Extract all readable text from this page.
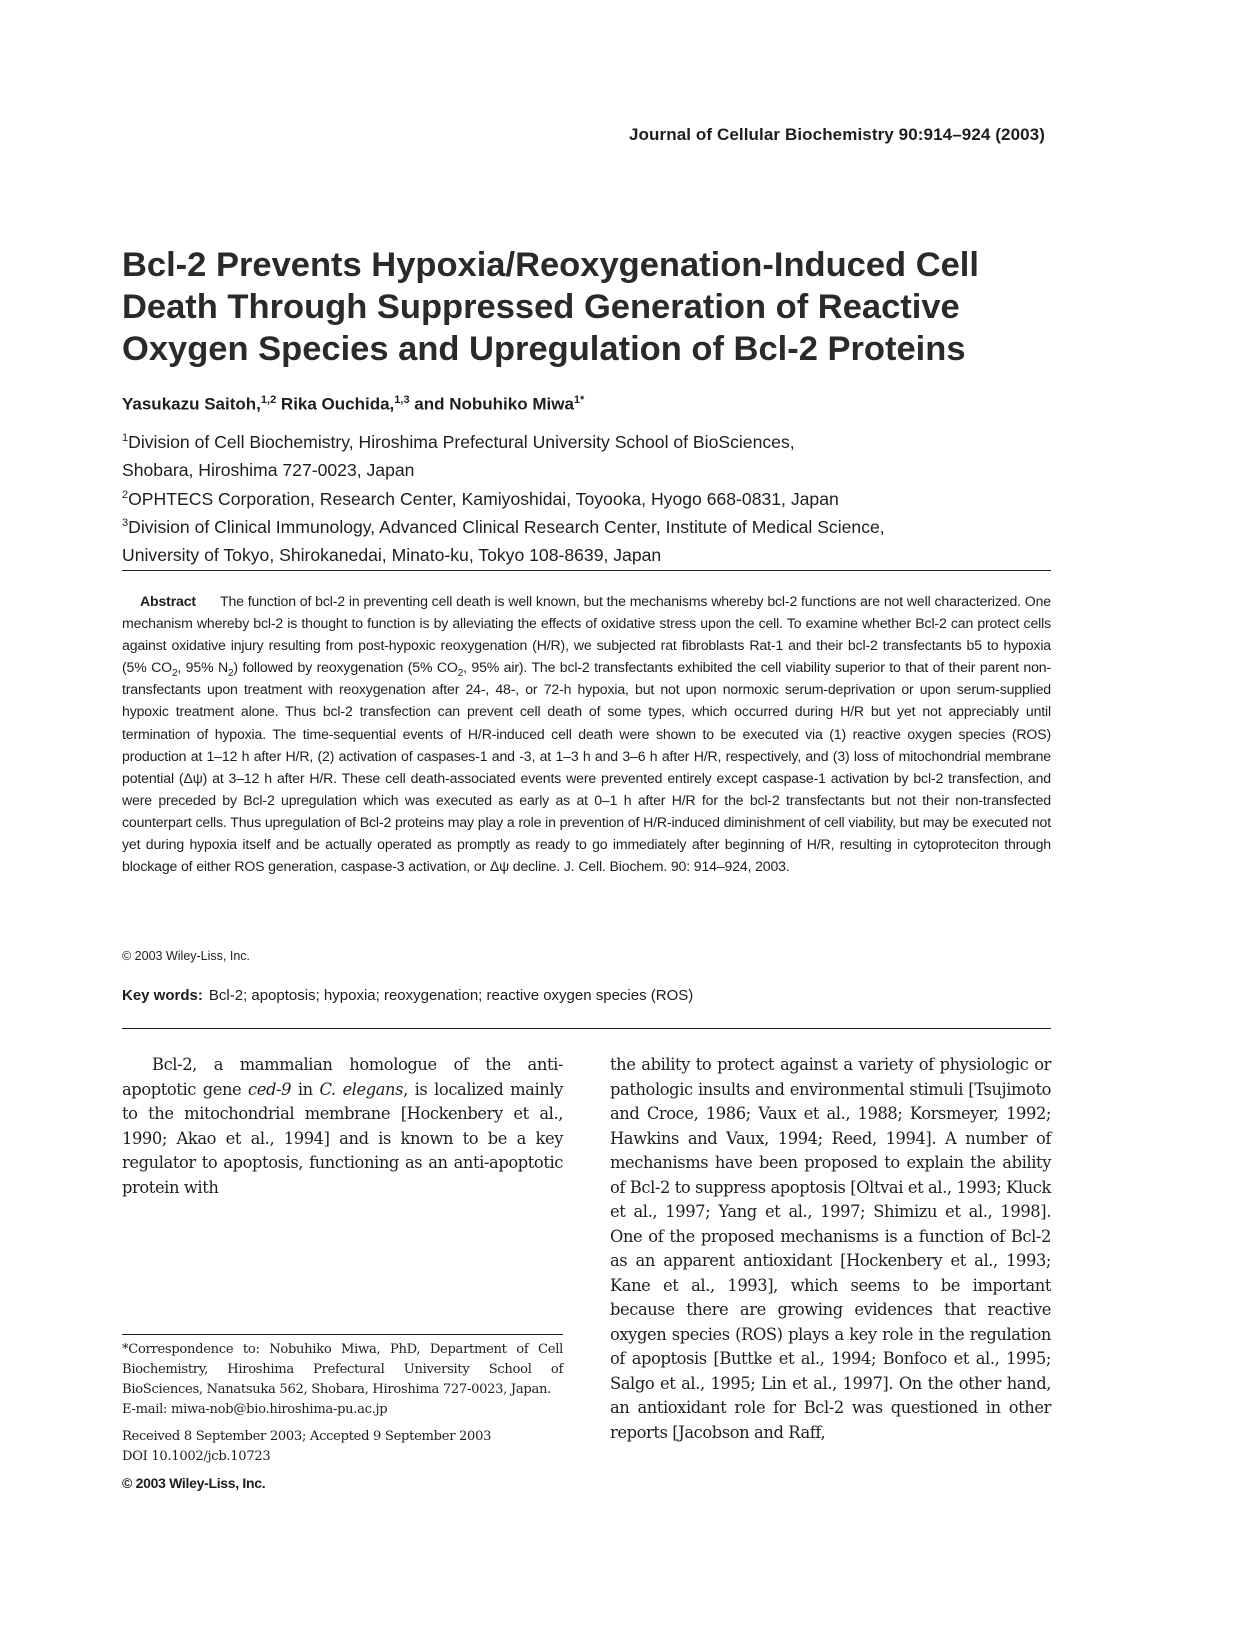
Journal of Cellular Biochemistry 90:914–924 (2003)
Bcl-2 Prevents Hypoxia/Reoxygenation-Induced Cell Death Through Suppressed Generation of Reactive Oxygen Species and Upregulation of Bcl-2 Proteins
Yasukazu Saitoh,$^{1,2}$ Rika Ouchida,$^{1,3}$ and Nobuhiko Miwa$^{1*}$
$^1$Division of Cell Biochemistry, Hiroshima Prefectural University School of BioSciences,
Shobara, Hiroshima 727-0023, Japan
$^2$OPHTECS Corporation, Research Center, Kamiyoshidai, Toyooka, Hyogo 668-0831, Japan
$^3$Division of Clinical Immunology, Advanced Clinical Research Center, Institute of Medical Science,
University of Tokyo, Shirokanedai, Minato-ku, Tokyo 108-8639, Japan
Abstract The function of bcl-2 in preventing cell death is well known, but the mechanisms whereby bcl-2 functions are not well characterized. One mechanism whereby bcl-2 is thought to function is by alleviating the effects of oxidative stress upon the cell. To examine whether Bcl-2 can protect cells against oxidative injury resulting from post-hypoxic reoxygenation (H/R), we subjected rat fibroblasts Rat-1 and their bcl-2 transfectants b5 to hypoxia (5% $CO_2$, 95% $N_2$) followed by reoxygenation (5% $CO_2$, 95% air). The bcl-2 transfectants exhibited the cell viability superior to that of their parent non-transfectants upon treatment with reoxygenation after 24-, 48-, or 72-h hypoxia, but not upon normoxic serum-deprivation or upon serum-supplied hypoxic treatment alone. Thus bcl-2 transfection can prevent cell death of some types, which occurred during H/R but yet not appreciably until termination of hypoxia. The time-sequential events of H/R-induced cell death were shown to be executed via (1) reactive oxygen species (ROS) production at 1–12 h after H/R, (2) activation of caspases-1 and -3, at 1–3 h and 3–6 h after H/R, respectively, and (3) loss of mitochondrial membrane potential (Δψ) at 3–12 h after H/R. These cell death-associated events were prevented entirely except caspase-1 activation by bcl-2 transfection, and were preceded by Bcl-2 upregulation which was executed as early as at 0–1 h after H/R for the bcl-2 transfectants but not their non-transfected counterpart cells. Thus upregulation of Bcl-2 proteins may play a role in prevention of H/R-induced diminishment of cell viability, but may be executed not yet during hypoxia itself and be actually operated as promptly as ready to go immediately after beginning of H/R, resulting in cytoproteciton through blockage of either ROS generation, caspase-3 activation, or Δψ decline. J. Cell. Biochem. 90: 914–924, 2003.
© 2003 Wiley-Liss, Inc.
Key words: Bcl-2; apoptosis; hypoxia; reoxygenation; reactive oxygen species (ROS)

Bcl-2, a mammalian homologue of the anti-apoptotic gene ced-9 in C. elegans, is localized mainly to the mitochondrial membrane [Hockenbery et al., 1990; Akao et al., 1994] and is known to be a key regulator to apoptosis, functioning as an anti-apoptotic protein with

the ability to protect against a variety of physiologic or pathologic insults and environmental stimuli [Tsujimoto and Croce, 1986; Vaux et al., 1988; Korsmeyer, 1992; Hawkins and Vaux, 1994; Reed, 1994]. A number of mechanisms have been proposed to explain the ability of Bcl-2 to suppress apoptosis [Oltvai et al., 1993; Kluck et al., 1997; Yang et al., 1997; Shimizu et al., 1998]. One of the proposed mechanisms is a function of Bcl-2 as an apparent antioxidant [Hockenbery et al., 1993; Kane et al., 1993], which seems to be important because there are growing evidences that reactive oxygen species (ROS) plays a key role in the regulation of apoptosis [Buttke et al., 1994; Bonfoco et al., 1995; Salgo et al., 1995; Lin et al., 1997]. On the other hand, an antioxidant role for Bcl-2 was questioned in other reports [Jacobson and Raff,

*Correspondence to: Nobuhiko Miwa, PhD, Department of Cell Biochemistry, Hiroshima Prefectural University School of BioSciences, Nanatsuka 562, Shobara, Hiroshima 727-0023, Japan.

E-mail: miwa-nob@bio.hiroshima-pu.ac.jp

Received 8 September 2003; Accepted 9 September 2003

DOI 10.1002/jcb.10723

© 2003 Wiley-Liss, Inc.
